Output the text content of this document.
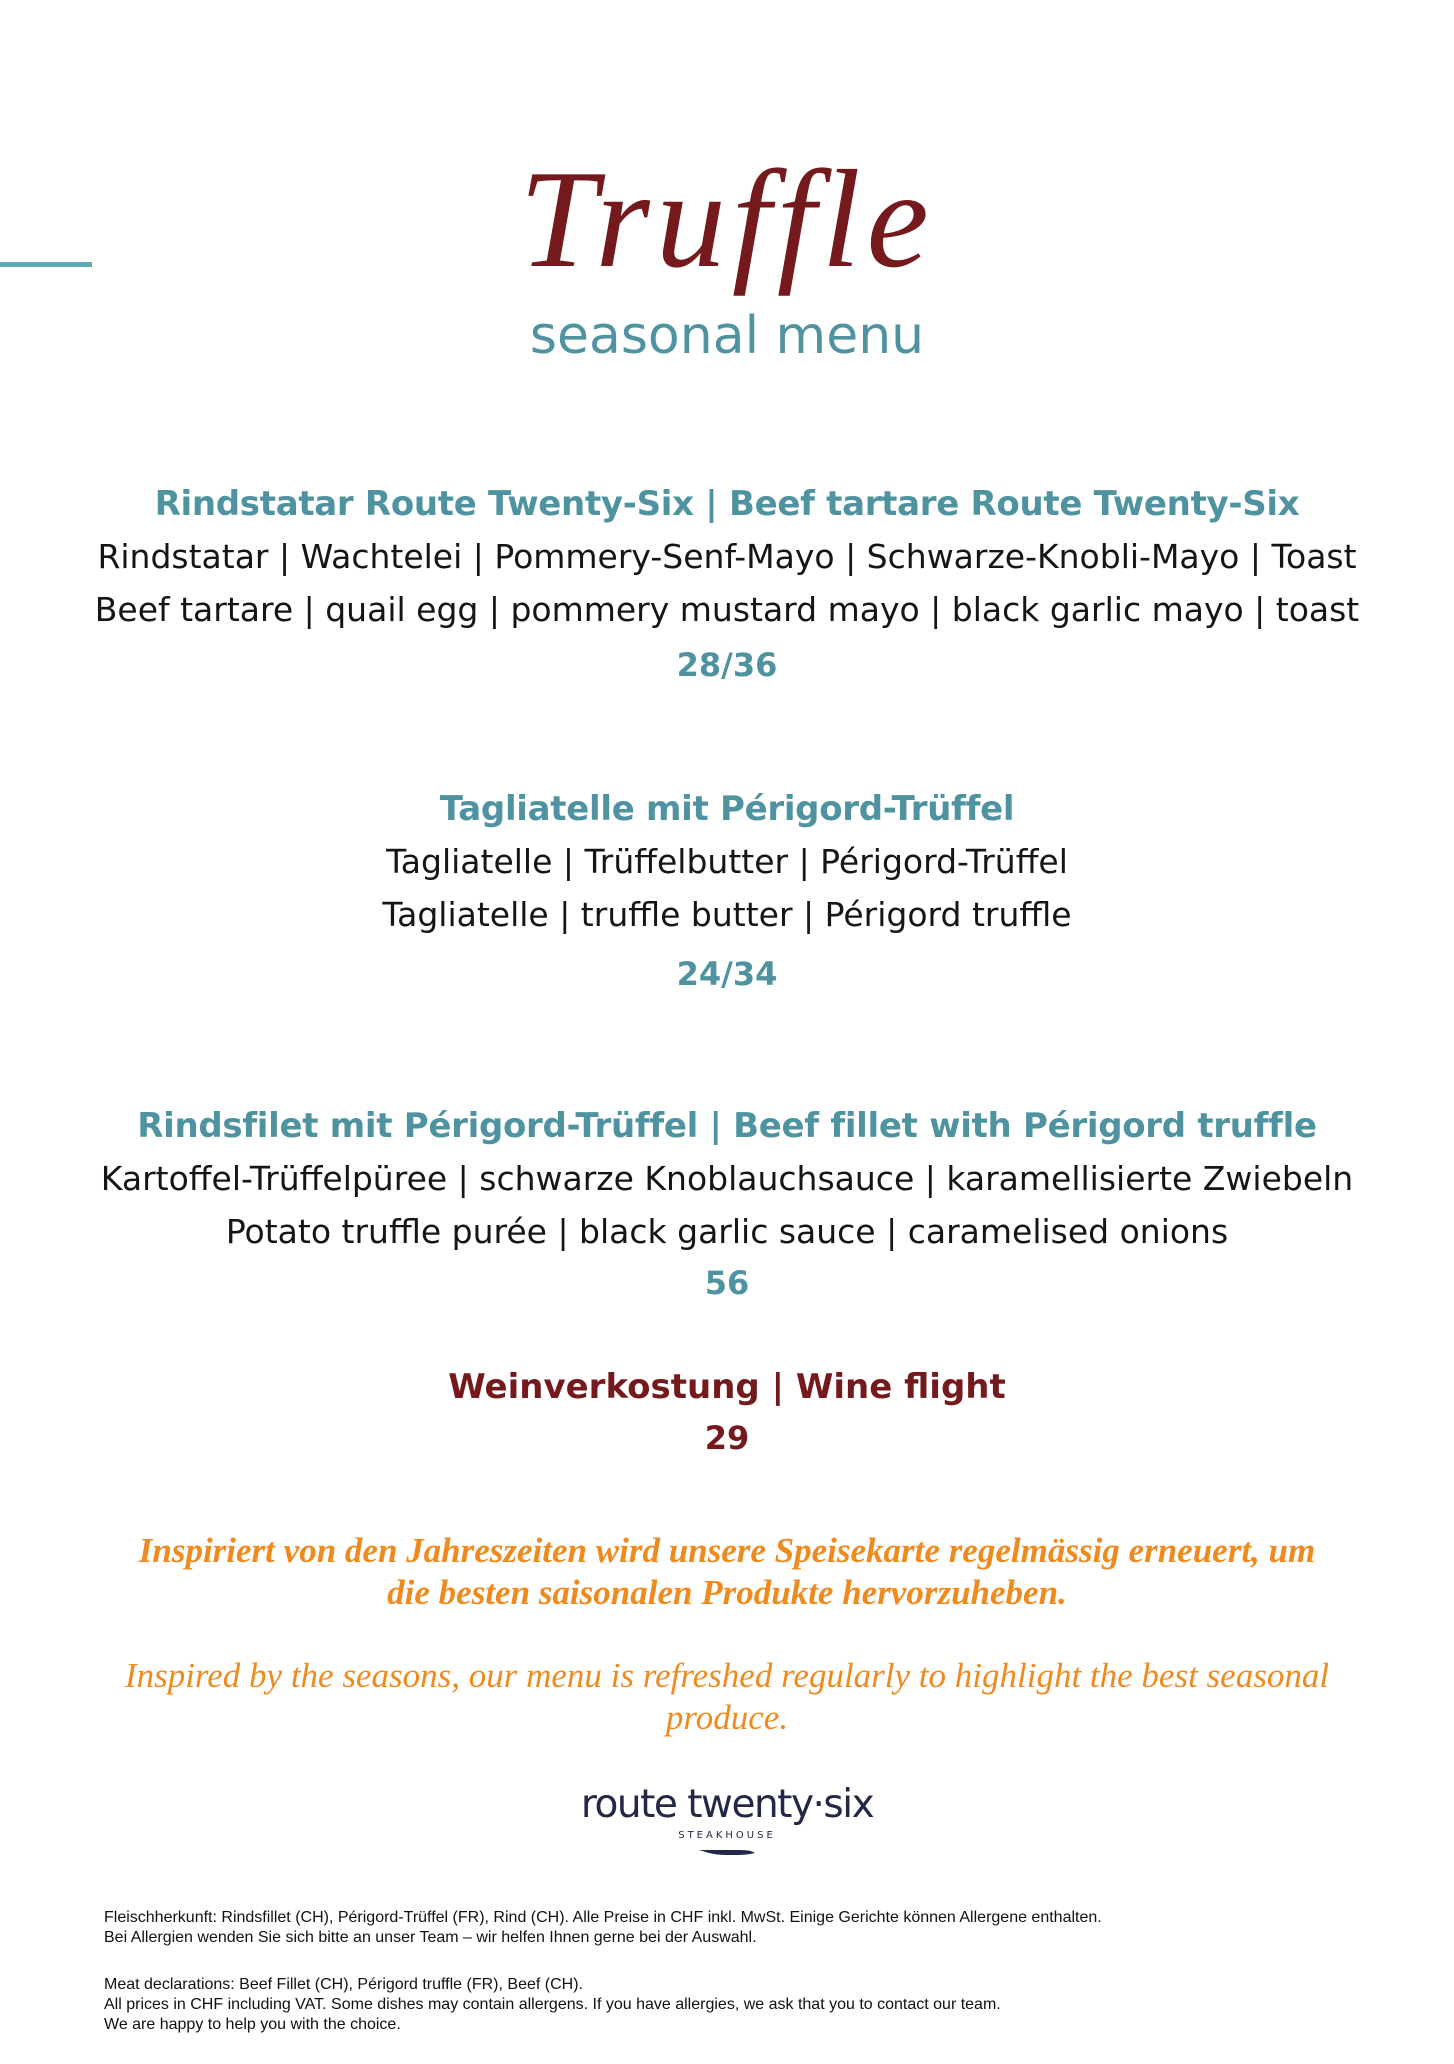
Truffle
seasonal menu
Rindstatar Route Twenty-Six | Beef tartare Route Twenty-Six
Rindstatar | Wachtelei | Pommery-Senf-Mayo | Schwarze-Knobli-Mayo | Toast
Beef tartare | quail egg | pommery mustard mayo | black garlic mayo | toast
28/36
Tagliatelle mit Périgord-Trüffel
Tagliatelle | Trüffelbutter | Périgord-Trüffel
Tagliatelle | truffle butter | Périgord truffle
24/34
Rindsfilet mit Périgord-Trüffel | Beef fillet with Périgord truffle
Kartoffel-Trüffelpüree | schwarze Knoblauchsauce | karamellisierte Zwiebeln
Potato truffle purée | black garlic sauce | caramelised onions
56
Weinverkostung | Wine flight
29
Inspiriert von den Jahreszeiten wird unsere Speisekarte regelmässig erneuert, um die besten saisonalen Produkte hervorzuheben.
Inspired by the seasons, our menu is refreshed regularly to highlight the best seasonal produce.
route twenty·six
STEAKHOUSE
Fleischherkunft: Rindsfillet (CH), Périgord-Trüffel (FR), Rind (CH). Alle Preise in CHF inkl. MwSt. Einige Gerichte können Allergene enthalten.
Bei Allergien wenden Sie sich bitte an unser Team – wir helfen Ihnen gerne bei der Auswahl.
Meat declarations: Beef Fillet (CH), Périgord truffle (FR), Beef (CH).
All prices in CHF including VAT. Some dishes may contain allergens. If you have allergies, we ask that you to contact our team.
We are happy to help you with the choice.
